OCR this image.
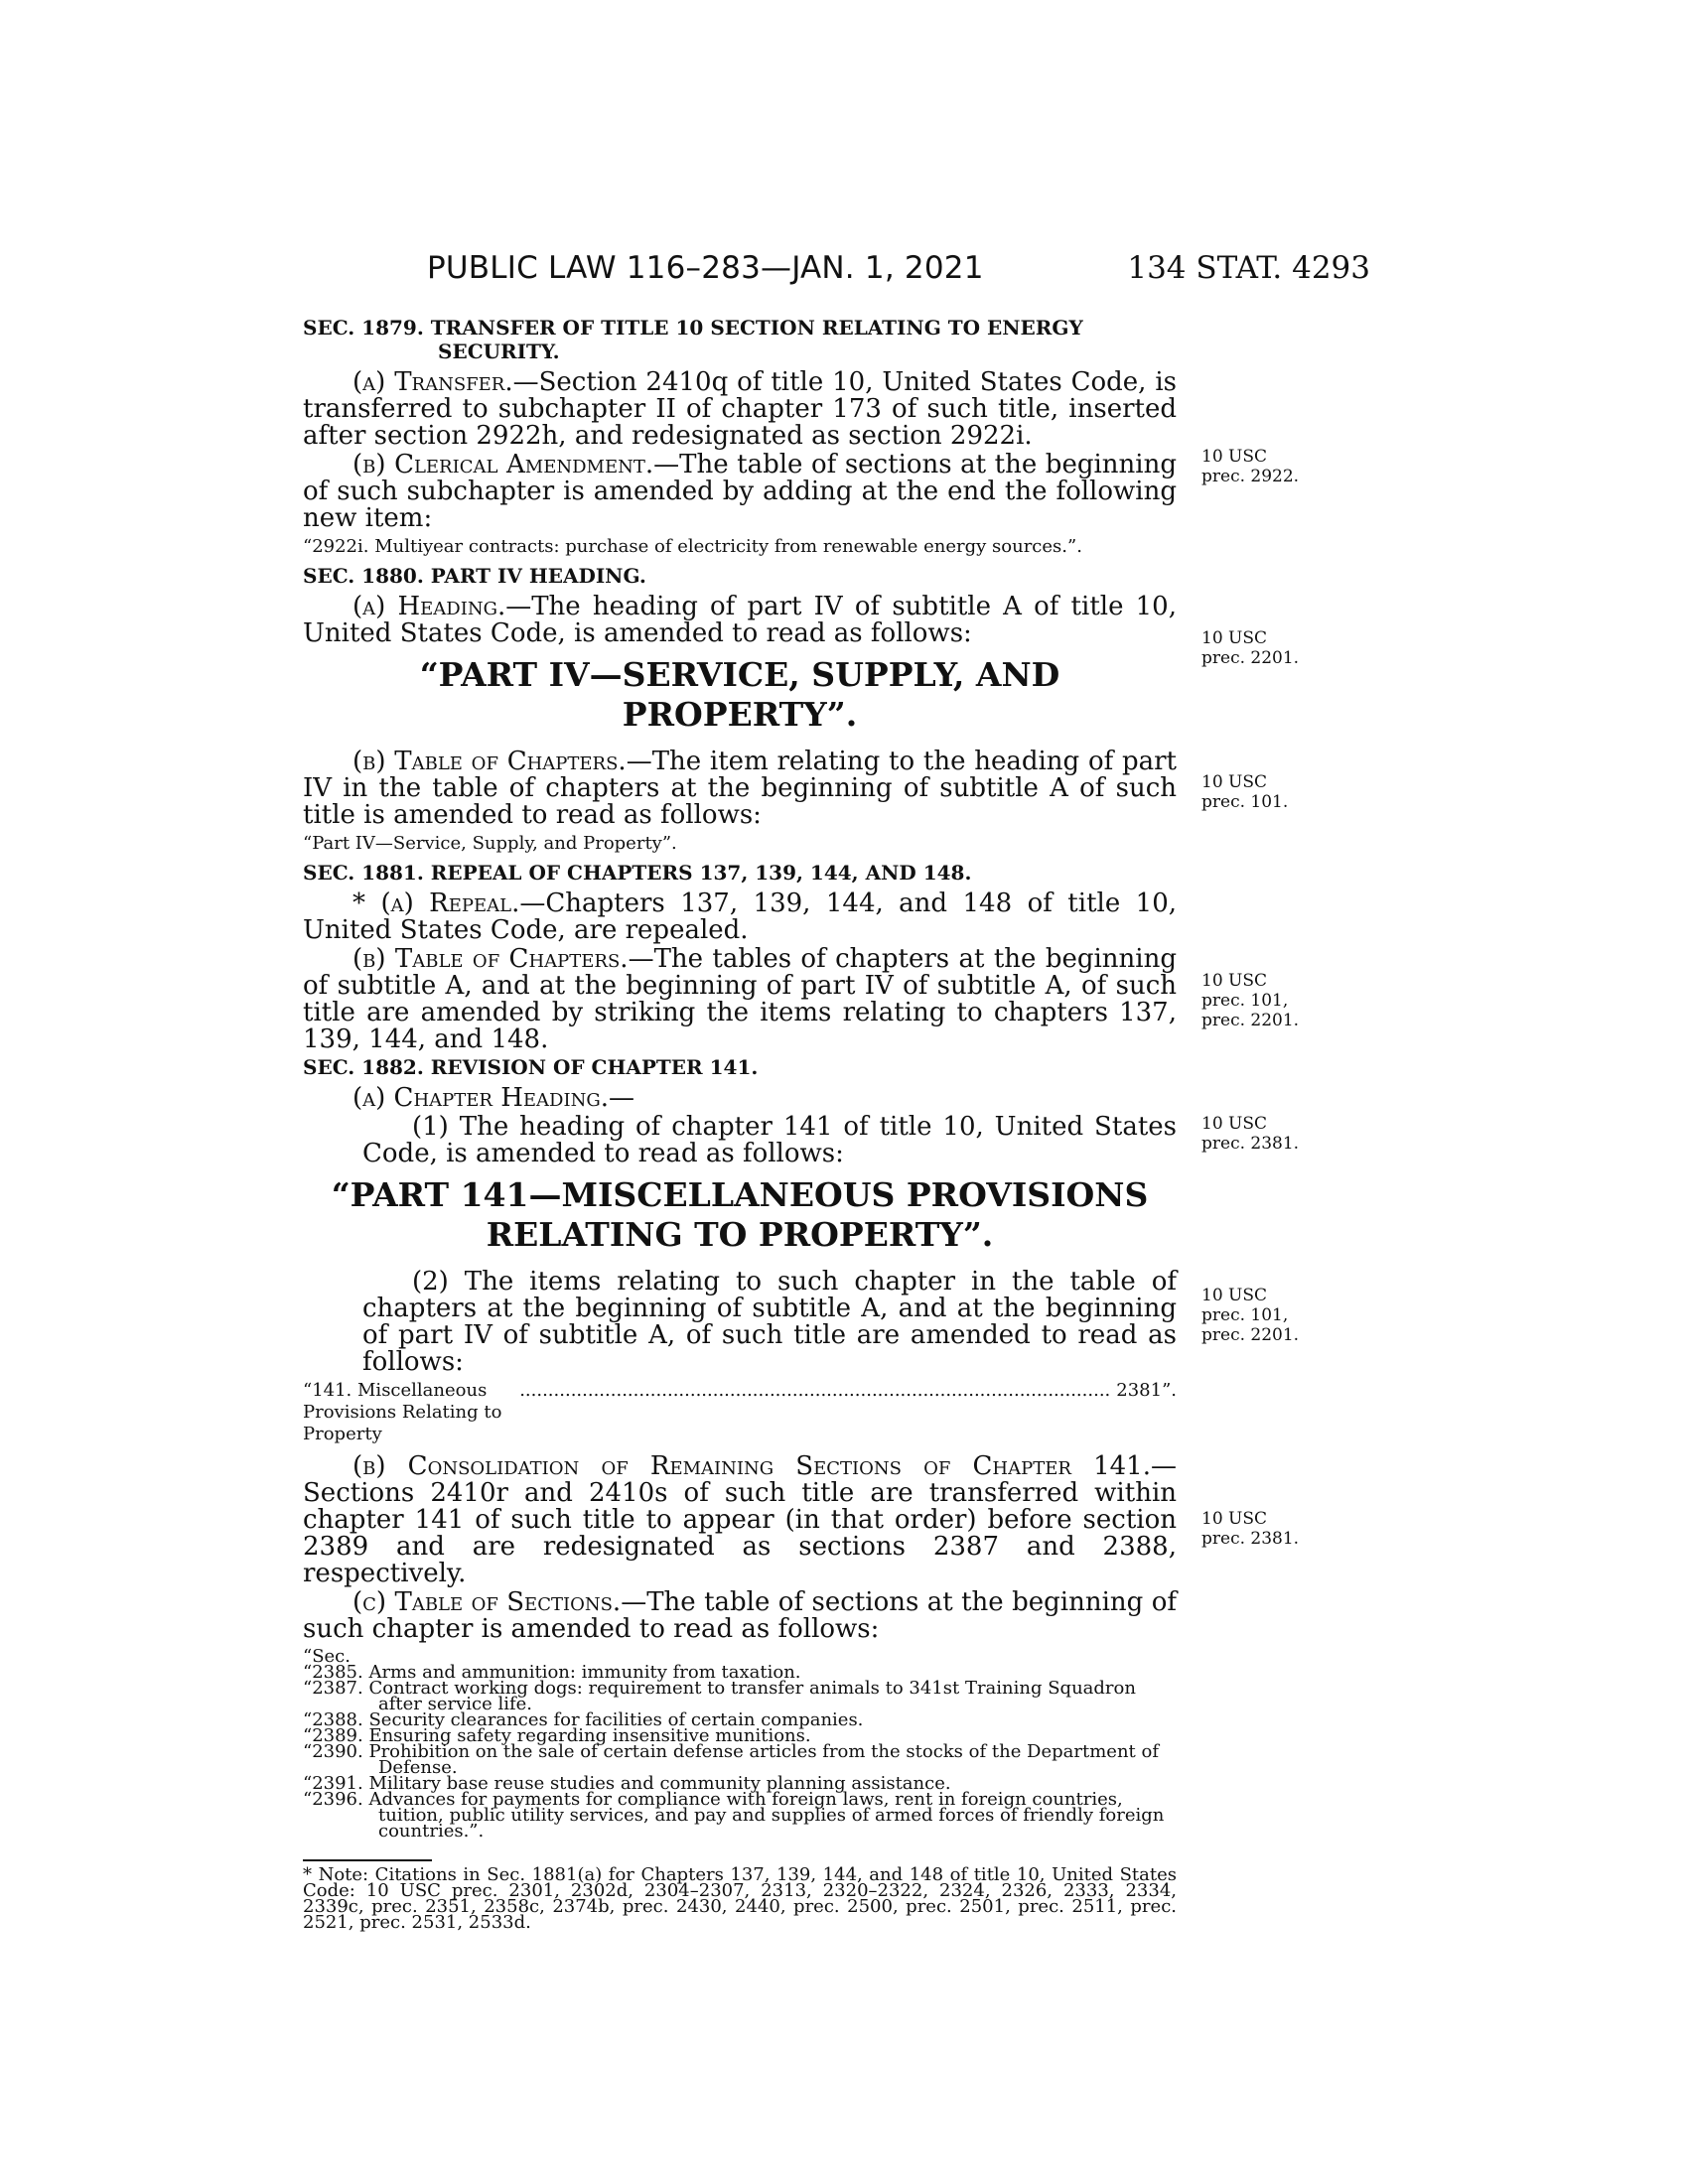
PUBLIC LAW 116–283—JAN. 1, 2021	134 STAT. 4293
SEC. 1879. TRANSFER OF TITLE 10 SECTION RELATING TO ENERGY
SECURITY.

(a) Transfer.—Section 2410q of title 10, United States Code, is transferred to subchapter II of chapter 173 of such title, inserted after section 2922h, and redesignated as section 2922i.

(b) Clerical Amendment.—The table of sections at the beginning of such subchapter is amended by adding at the end the following new item:

“2922i. Multiyear contracts: purchase of electricity from renewable energy sources.”.
SEC. 1880. PART IV HEADING.

(a) Heading.—The heading of part IV of subtitle A of title 10, United States Code, is amended to read as follows:

“PART IV—SERVICE, SUPPLY, AND PROPERTY”.

(b) Table of Chapters.—The item relating to the heading of part IV in the table of chapters at the beginning of subtitle A of such title is amended to read as follows:

“Part IV—Service, Supply, and Property”.
SEC. 1881. REPEAL OF CHAPTERS 137, 139, 144, AND 148.

* (a) Repeal.—Chapters 137, 139, 144, and 148 of title 10, United States Code, are repealed.

(b) Table of Chapters.—The tables of chapters at the beginning of subtitle A, and at the beginning of part IV of subtitle A, of such title are amended by striking the items relating to chapters 137, 139, 144, and 148.

SEC. 1882. REVISION OF CHAPTER 141.

(a) Chapter Heading.—

(1) The heading of chapter 141 of title 10, United States Code, is amended to read as follows:

“PART 141—MISCELLANEOUS PROVISIONS
RELATING TO PROPERTY”.

(2) The items relating to such chapter in the table of chapters at the beginning of subtitle A, and at the beginning of part IV of subtitle A, of such title are amended to read as follows:

“141. Miscellaneous Provisions Relating to Property
........................................................................................................ 2381”.

(b) Consolidation of Remaining Sections of Chapter 141.—Sections 2410r and 2410s of such title are transferred within chapter 141 of such title to appear (in that order) before section 2389 and are redesignated as sections 2387 and 2388, respectively.

(c) Table of Sections.—The table of sections at the beginning of such chapter is amended to read as follows:

“Sec.
“2385. Arms and ammunition: immunity from taxation.
“2387. Contract working dogs: requirement to transfer animals to 341st Training Squadron after service life.
“2388. Security clearances for facilities of certain companies.
“2389. Ensuring safety regarding insensitive munitions.
“2390. Prohibition on the sale of certain defense articles from the stocks of the Department of Defense.
“2391. Military base reuse studies and community planning assistance.
“2396. Advances for payments for compliance with foreign laws, rent in foreign countries, tuition, public utility services, and pay and supplies of armed forces of friendly foreign countries.”.
* Note: Citations in Sec. 1881(a) for Chapters 137, 139, 144, and 148 of title 10, United States Code: 10 USC prec. 2301, 2302d, 2304–2307, 2313, 2320–2322, 2324, 2326, 2333, 2334, 2339c, prec. 2351, 2358c, 2374b, prec. 2430, 2440, prec. 2500, prec. 2501, prec. 2511, prec. 2521, prec. 2531, 2533d.
10 USC
prec. 2922.
10 USC
prec. 2201.
10 USC
prec. 101.
10 USC
prec. 101,
prec. 2201.
10 USC
prec. 2381.
10 USC
prec. 101,
prec. 2201.
10 USC
prec. 2381.
